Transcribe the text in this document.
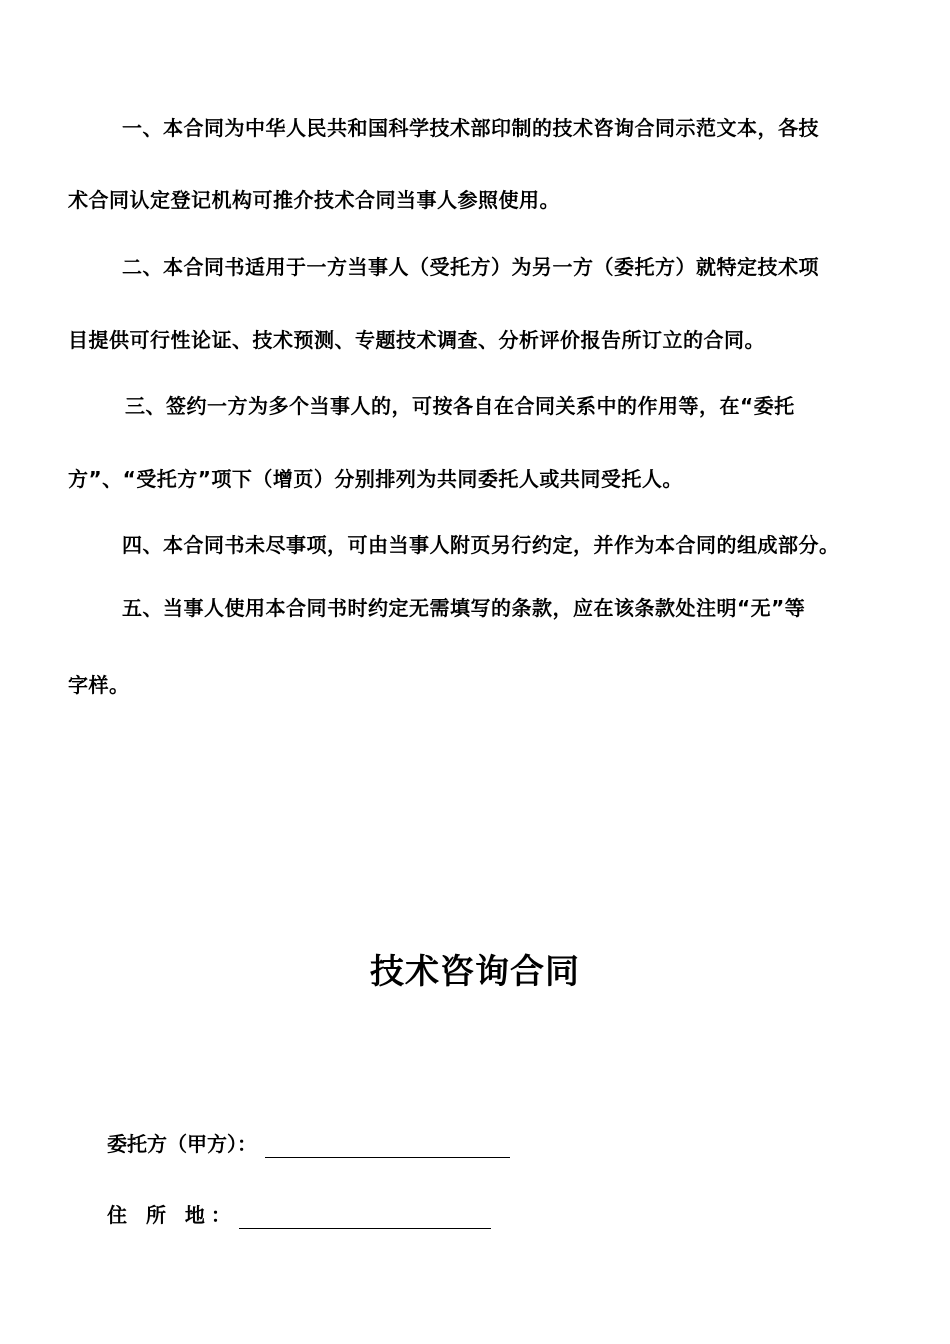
一、本合同为中华人民共和国科学技术部印制的技术咨询合同示范文本，各技
术合同认定登记机构可推介技术合同当事人参照使用。
二、本合同书适用于一方当事人（受托方）为另一方（委托方）就特定技术项
目提供可行性论证、技术预测、专题技术调查、分析评价报告所订立的合同。
三、签约一方为多个当事人的，可按各自在合同关系中的作用等，在“委托
方”、“受托方”项下（增页）分别排列为共同委托人或共同受托人。
四、本合同书未尽事项，可由当事人附页另行约定，并作为本合同的组成部分。
五、当事人使用本合同书时约定无需填写的条款，应在该条款处注明“无”等
字样。
技术咨询合同
委托方（甲方）：
住 所 地：
